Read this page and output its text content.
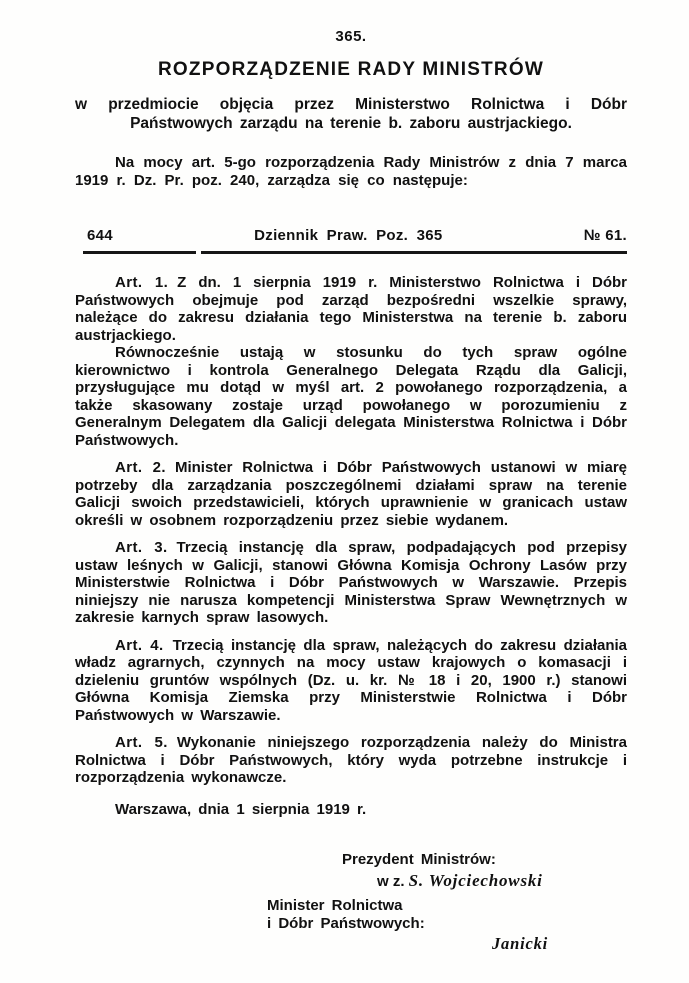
365.
ROZPORZĄDZENIE RADY MINISTRÓW
w przedmiocie objęcia przez Ministerstwo Rolnictwa i Dóbr Państwowych zarządu na terenie b. zaboru austrjackiego.

Na mocy art. 5-go rozporządzenia Rady Ministrów z dnia 7 marca 1919 r. Dz. Pr. poz. 240, zarządza się co następuje:

644	Dziennik Praw. Poz. 365	№ 61.

Art. 1. Z dn. 1 sierpnia 1919 r. Ministerstwo Rolnictwa i Dóbr Państwowych obejmuje pod zarząd bezpośredni wszelkie sprawy, należące do zakresu działania tego Ministerstwa na terenie b. zaboru austrjackiego.

Równocześnie ustają w stosunku do tych spraw ogólne kierownictwo i kontrola Generalnego Delegata Rządu dla Galicji, przysługujące mu dotąd w myśl art. 2 powołanego rozporządzenia, a także skasowany zostaje urząd powołanego w porozumieniu z Generalnym Delegatem dla Galicji delegata Ministerstwa Rolnictwa i Dóbr Państwowych.

Art. 2. Minister Rolnictwa i Dóbr Państwowych ustanowi w miarę potrzeby dla zarządzania poszczególnemi działami spraw na terenie Galicji swoich przedstawicieli, których uprawnienie w granicach ustaw określi w osobnem rozporządzeniu przez siebie wydanem.

Art. 3. Trzecią instancję dla spraw, podpadających pod przepisy ustaw leśnych w Galicji, stanowi Główna Komisja Ochrony Lasów przy Ministerstwie Rolnictwa i Dóbr Państwowych w Warszawie. Przepis niniejszy nie narusza kompetencji Ministerstwa Spraw Wewnętrznych w zakresie karnych spraw lasowych.

Art. 4. Trzecią instancję dla spraw, należących do zakresu działania władz agrarnych, czynnych na mocy ustaw krajowych o komasacji i dzieleniu gruntów wspólnych (Dz. u. kr. № 18 i 20, 1900 r.) stanowi Główna Komisja Ziemska przy Ministerstwie Rolnictwa i Dóbr Państwowych w Warszawie.

Art. 5. Wykonanie niniejszego rozporządzenia należy do Ministra Rolnictwa i Dóbr Państwowych, który wyda potrzebne instrukcje i rozporządzenia wykonawcze.

Warszawa, dnia 1 sierpnia 1919 r.
Prezydent Ministrów:
w z. S. Wojciechowski
Minister Rolnictwa
i Dóbr Państwowych:
Janicki
